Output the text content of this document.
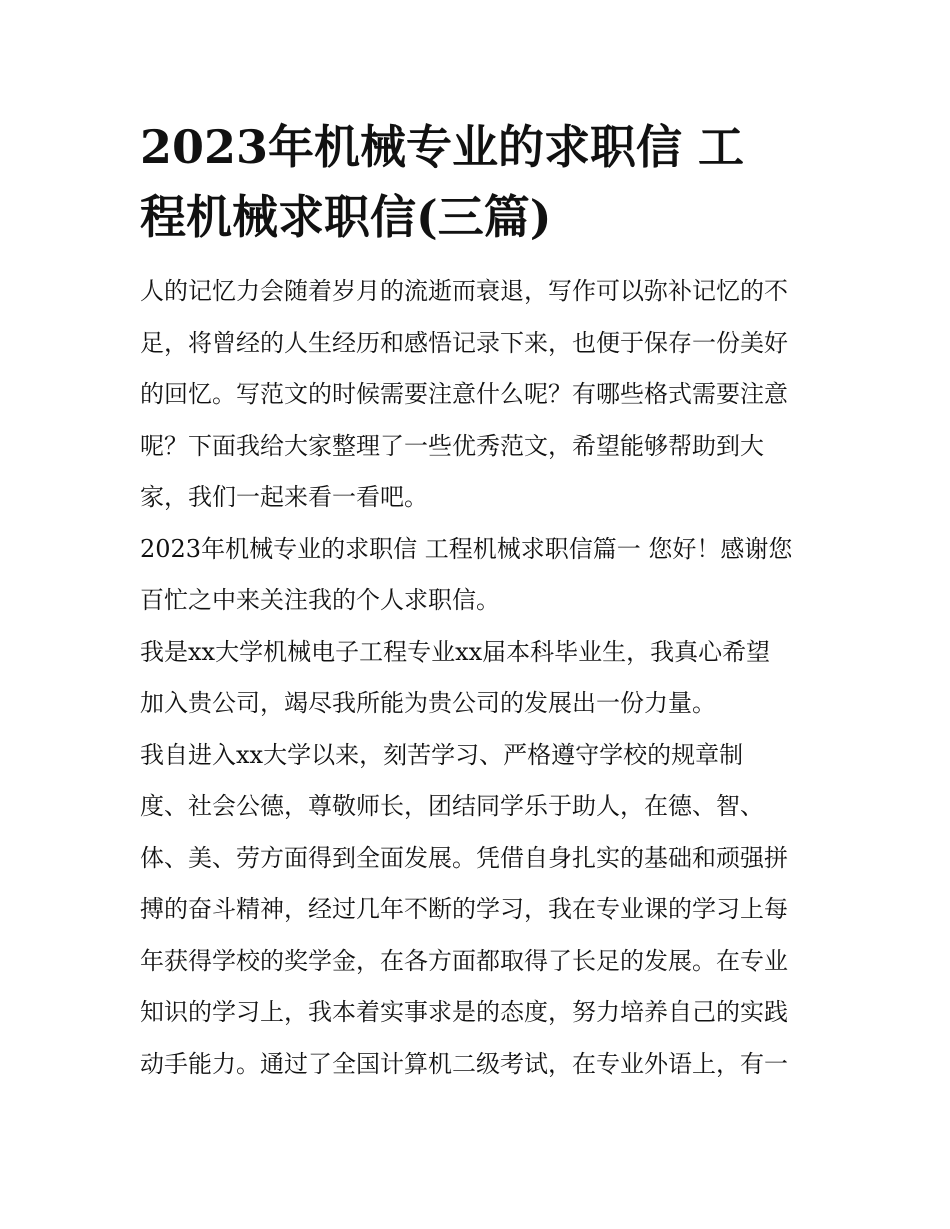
2023年机械专业的求职信 工
程机械求职信(三篇)

人的记忆力会随着岁月的流逝而衰退，写作可以弥补记忆的不
足，将曾经的人生经历和感悟记录下来，也便于保存一份美好
的回忆。写范文的时候需要注意什么呢？有哪些格式需要注意
呢？下面我给大家整理了一些优秀范文，希望能够帮助到大
家，我们一起来看一看吧。

2023年机械专业的求职信 工程机械求职信篇一 您好！感谢您
百忙之中来关注我的个人求职信。

我是xx大学机械电子工程专业xx届本科毕业生，我真心希望
加入贵公司，竭尽我所能为贵公司的发展出一份力量。

我自进入xx大学以来，刻苦学习、严格遵守学校的规章制
度、社会公德，尊敬师长，团结同学乐于助人，在德、智、
体、美、劳方面得到全面发展。凭借自身扎实的基础和顽强拼
搏的奋斗精神，经过几年不断的学习，我在专业课的学习上每
年获得学校的奖学金，在各方面都取得了长足的发展。在专业
知识的学习上，我本着实事求是的态度，努力培养自己的实践
动手能力。通过了全国计算机二级考试，在专业外语上，有一
